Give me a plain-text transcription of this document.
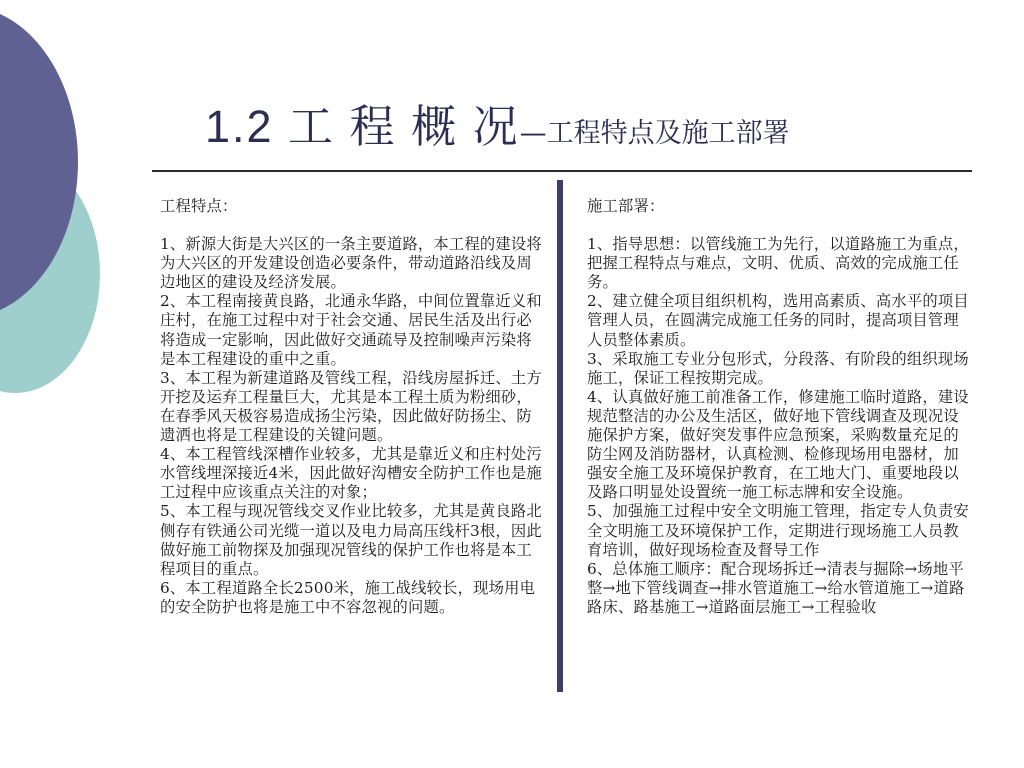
1.2 工 程 概 况—工程特点及施工部署
工程特点：

1、新源大街是大兴区的一条主要道路，本工程的建设将为大兴区的开发建设创造必要条件，带动道路沿线及周边地区的建设及经济发展。

2、本工程南接黄良路，北通永华路，中间位置靠近义和庄村，在施工过程中对于社会交通、居民生活及出行必将造成一定影响，因此做好交通疏导及控制噪声污染将是本工程建设的重中之重。

3、本工程为新建道路及管线工程，沿线房屋拆迁、土方开挖及运弃工程量巨大，尤其是本工程土质为粉细砂，在春季风天极容易造成扬尘污染，因此做好防扬尘、防遗洒也将是工程建设的关键问题。

4、本工程管线深槽作业较多，尤其是靠近义和庄村处污水管线埋深接近4米，因此做好沟槽安全防护工作也是施工过程中应该重点关注的对象；

5、本工程与现况管线交叉作业比较多，尤其是黄良路北侧存有铁通公司光缆一道以及电力局高压线杆3根，因此做好施工前物探及加强现况管线的保护工作也将是本工程项目的重点。

6、本工程道路全长2500米，施工战线较长，现场用电的安全防护也将是施工中不容忽视的问题。

施工部署：

1、指导思想：以管线施工为先行，以道路施工为重点，把握工程特点与难点，文明、优质、高效的完成施工任务。

2、建立健全项目组织机构，选用高素质、高水平的项目管理人员，在圆满完成施工任务的同时，提高项目管理人员整体素质。

3、采取施工专业分包形式，分段落、有阶段的组织现场施工，保证工程按期完成。

4、认真做好施工前准备工作，修建施工临时道路，建设规范整洁的办公及生活区，做好地下管线调查及现况设施保护方案，做好突发事件应急预案，采购数量充足的防尘网及消防器材，认真检测、检修现场用电器材，加强安全施工及环境保护教育，在工地大门、重要地段以及路口明显处设置统一施工标志牌和安全设施。

5、加强施工过程中安全文明施工管理，指定专人负责安全文明施工及环境保护工作，定期进行现场施工人员教育培训，做好现场检查及督导工作

6、总体施工顺序：配合现场拆迁→清表与掘除→场地平整→地下管线调查→排水管道施工→给水管道施工→道路路床、路基施工→道路面层施工→工程验收
